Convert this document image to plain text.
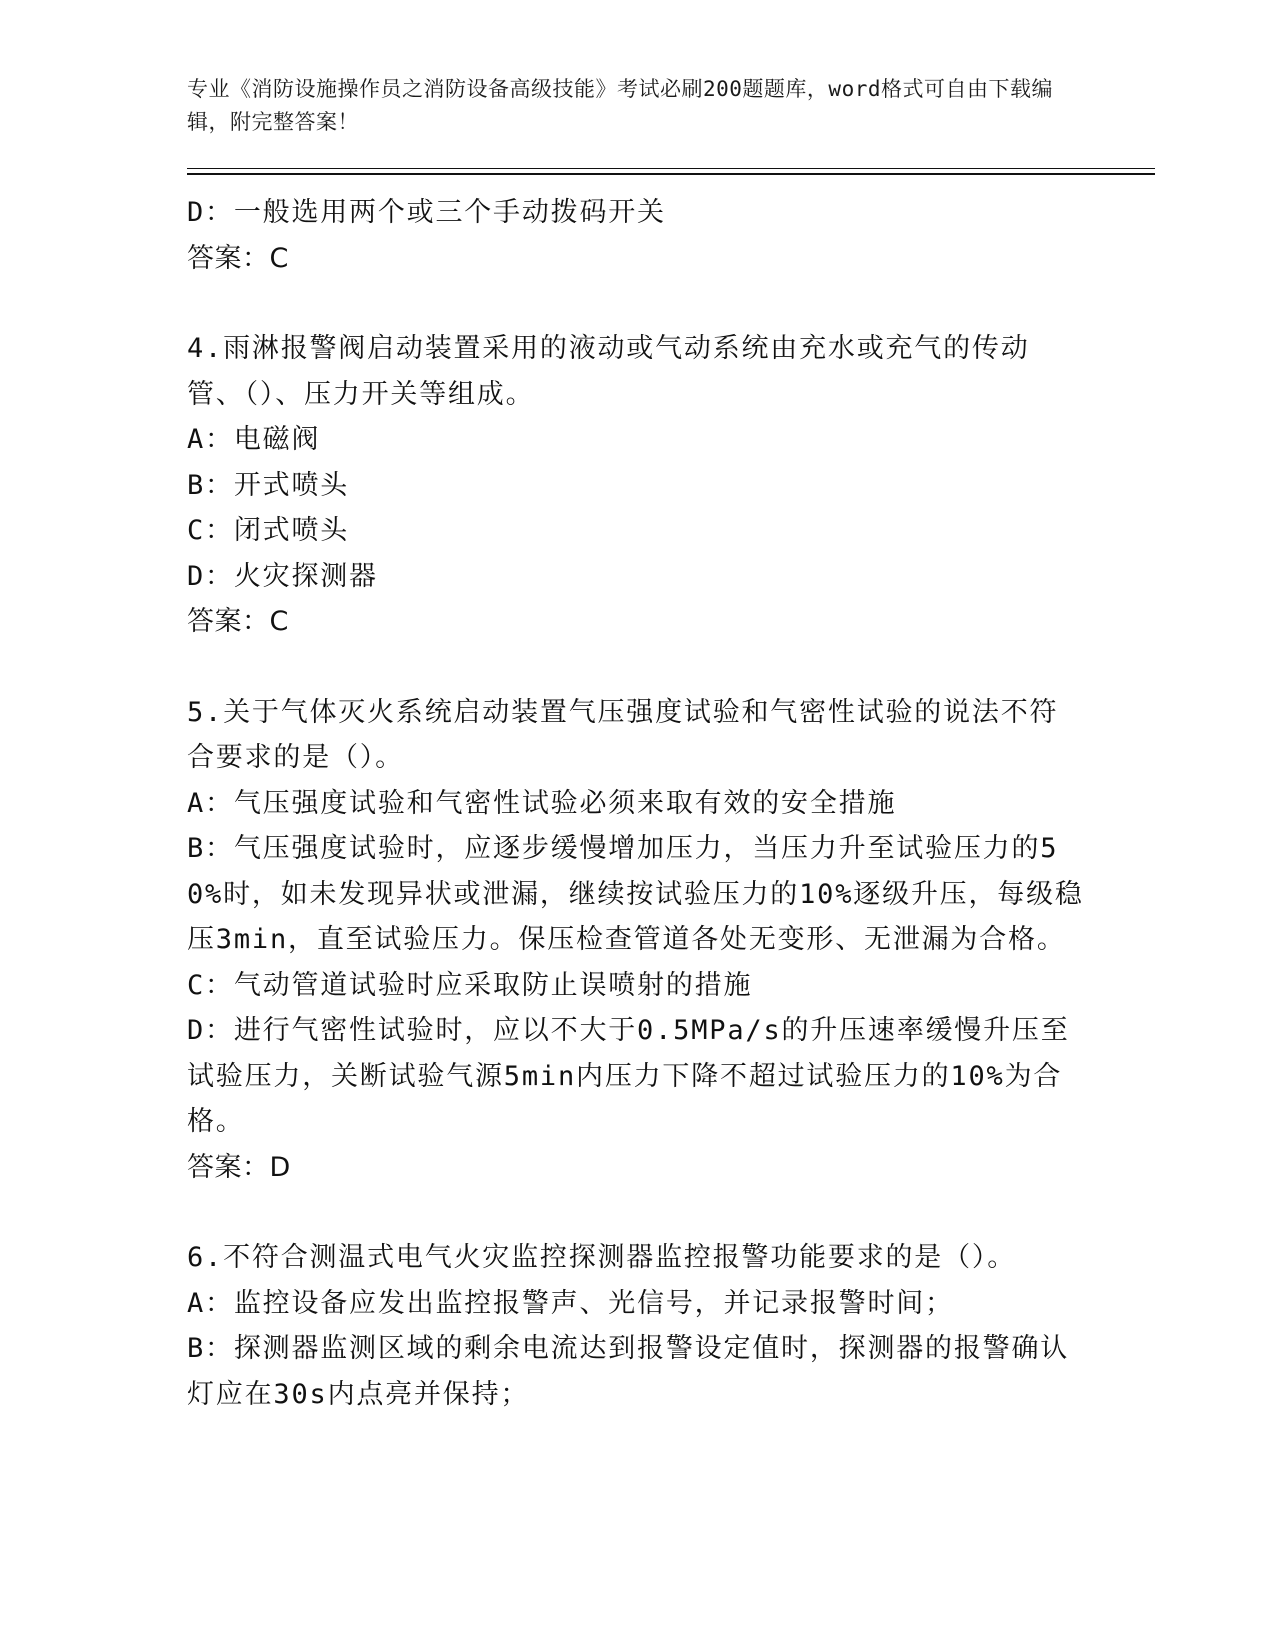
专业《消防设施操作员之消防设备高级技能》考试必刷200题题库，word格式可自由下载编辑，附完整答案！
D：一般选用两个或三个手动拨码开关
答案：C
4.雨淋报警阀启动装置采用的液动或气动系统由充水或充气的传动管、（）、压力开关等组成。
A：电磁阀
B：开式喷头
C：闭式喷头
D：火灾探测器
答案：C
5.关于气体灭火系统启动装置气压强度试验和气密性试验的说法不符合要求的是（）。
A：气压强度试验和气密性试验必须来取有效的安全措施
B：气压强度试验时，应逐步缓慢增加压力，当压力升至试验压力的50%时，如未发现异状或泄漏，继续按试验压力的10%逐级升压，每级稳压3min，直至试验压力。保压检查管道各处无变形、无泄漏为合格。
C：气动管道试验时应采取防止误喷射的措施
D：进行气密性试验时，应以不大于0.5MPa/s的升压速率缓慢升压至试验压力，关断试验气源5min内压力下降不超过试验压力的10%为合格。
答案：D
6.不符合测温式电气火灾监控探测器监控报警功能要求的是（）。
A：监控设备应发出监控报警声、光信号，并记录报警时间；
B：探测器监测区域的剩余电流达到报警设定值时，探测器的报警确认灯应在30s内点亮并保持；
